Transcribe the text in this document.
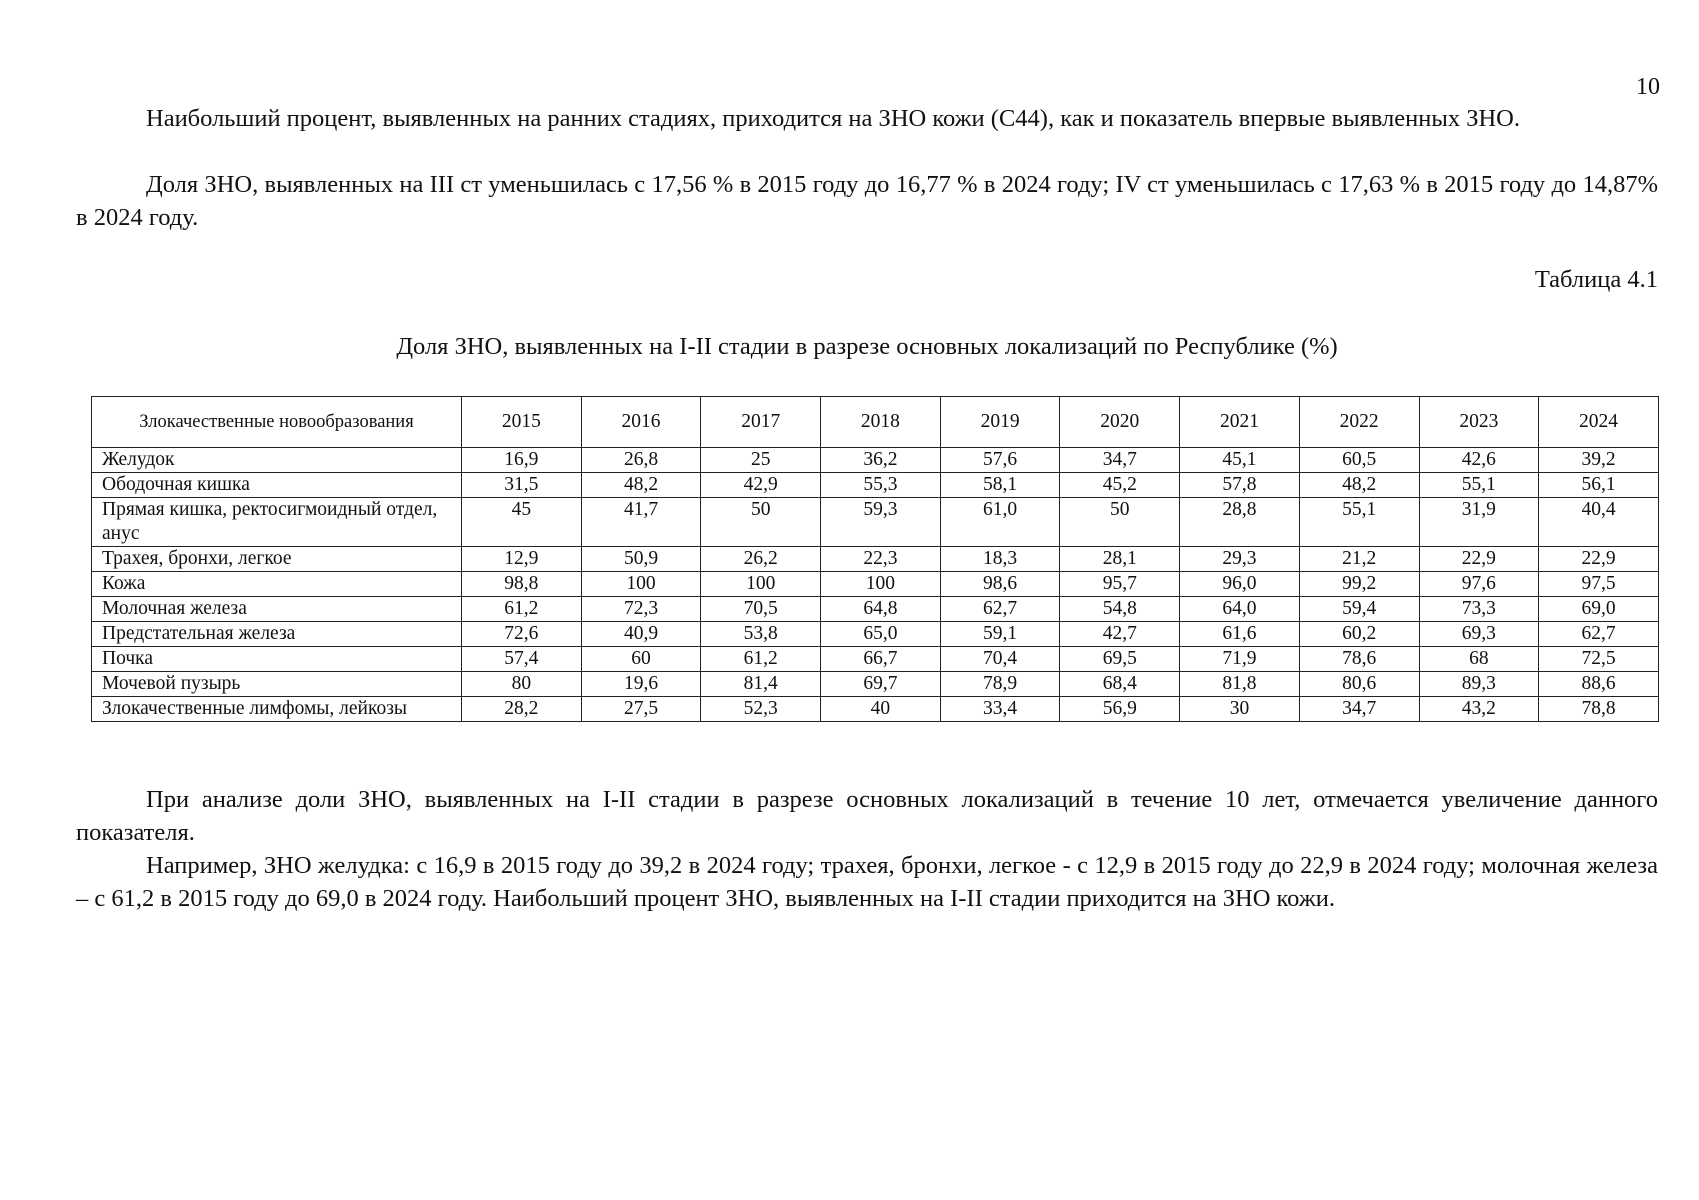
10

Наибольший процент, выявленных на ранних стадиях, приходится на ЗНО кожи (С44), как и показатель впервые выявленных ЗНО.

Доля ЗНО, выявленных на III ст уменьшилась с 17,56 % в 2015 году до 16,77 % в 2024 году; IV ст уменьшилась с 17,63 % в 2015 году до 14,87% в 2024 году.

Таблица 4.1
Доля ЗНО, выявленных на I-II стадии в разрезе основных локализаций по Республике (%)
Злокачественные новообразования	2015	2016	2017	2018	2019	2020	2021	2022	2023	2024
Желудок	16,9	26,8	25	36,2	57,6	34,7	45,1	60,5	42,6	39,2
Ободочная кишка	31,5	48,2	42,9	55,3	58,1	45,2	57,8	48,2	55,1	56,1
Прямая кишка, ректосигмоидный отдел, анус	45	41,7	50	59,3	61,0	50	28,8	55,1	31,9	40,4
Трахея, бронхи, легкое	12,9	50,9	26,2	22,3	18,3	28,1	29,3	21,2	22,9	22,9
Кожа	98,8	100	100	100	98,6	95,7	96,0	99,2	97,6	97,5
Молочная железа	61,2	72,3	70,5	64,8	62,7	54,8	64,0	59,4	73,3	69,0
Предстательная железа	72,6	40,9	53,8	65,0	59,1	42,7	61,6	60,2	69,3	62,7
Почка	57,4	60	61,2	66,7	70,4	69,5	71,9	78,6	68	72,5
Мочевой пузырь	80	19,6	81,4	69,7	78,9	68,4	81,8	80,6	89,3	88,6
Злокачественные лимфомы, лейкозы	28,2	27,5	52,3	40	33,4	56,9	30	34,7	43,2	78,8

При анализе доли ЗНО, выявленных на I-II стадии в разрезе основных локализаций в течение 10 лет, отмечается увеличение данного показателя.

Например, ЗНО желудка: с 16,9 в 2015 году до 39,2 в 2024 году; трахея, бронхи, легкое - с 12,9 в 2015 году до 22,9 в 2024 году; молочная железа – с 61,2 в 2015 году до 69,0 в 2024 году. Наибольший процент ЗНО, выявленных на I-II стадии приходится на ЗНО кожи.
